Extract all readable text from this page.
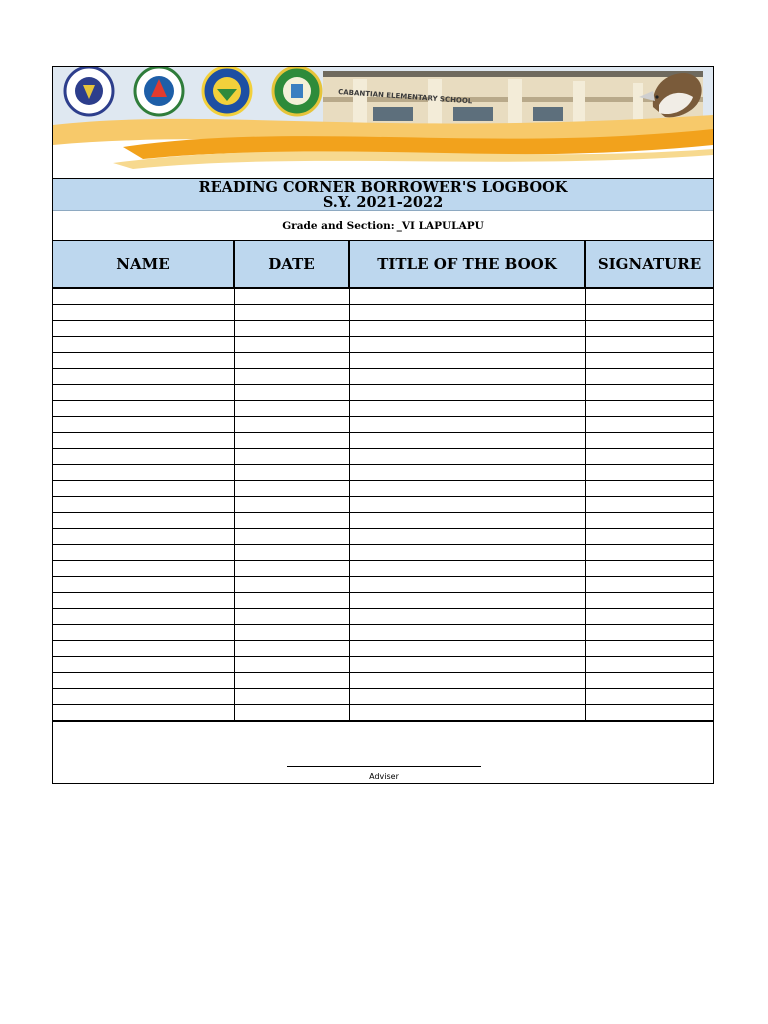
CABANTIAN ELEMENTARY SCHOOL
READING CORNER BORROWER'S LOGBOOK
S.Y. 2021-2022
Grade and Section: _VI LAPULAPU
NAME	DATE	TITLE OF THE BOOK	SIGNATURE

Adviser
